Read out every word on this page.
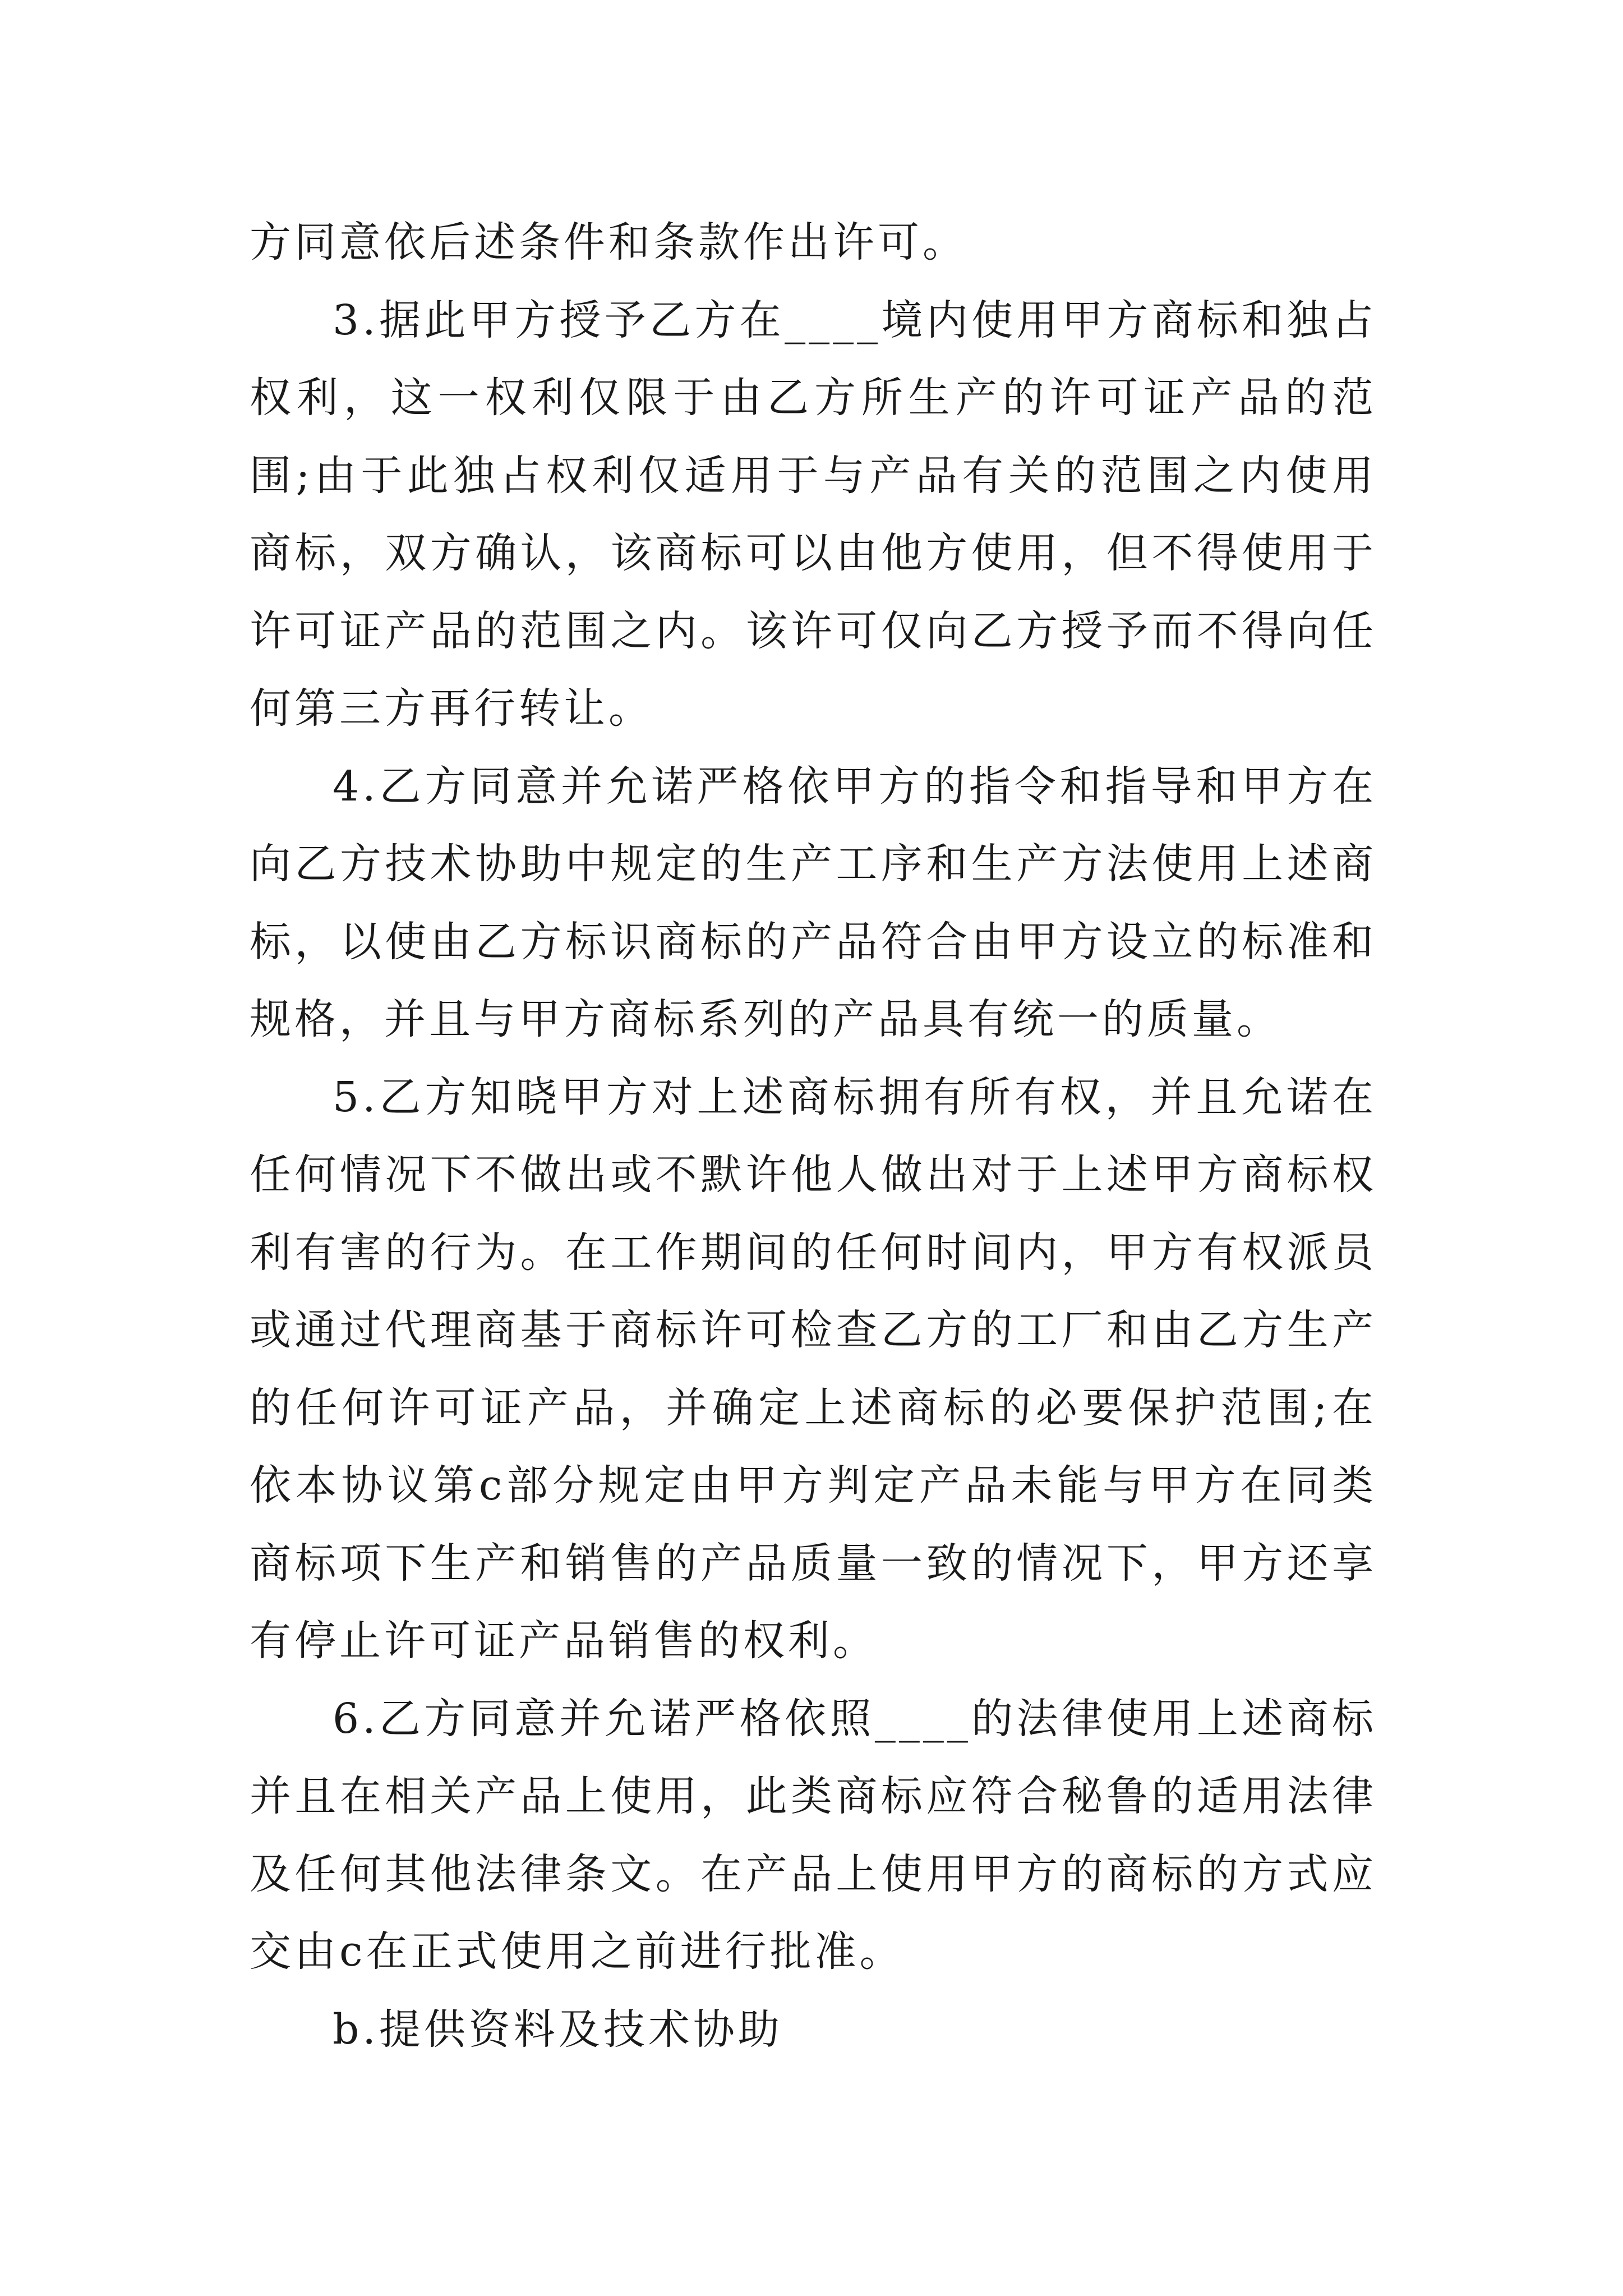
方同意依后述条件和条款作出许可。

3.据此甲方授予乙方在____境内使用甲方商标和独占权利，这一权利仅限于由乙方所生产的许可证产品的范围;由于此独占权利仅适用于与产品有关的范围之内使用商标，双方确认，该商标可以由他方使用，但不得使用于许可证产品的范围之内。该许可仅向乙方授予而不得向任何第三方再行转让。

4.乙方同意并允诺严格依甲方的指令和指导和甲方在向乙方技术协助中规定的生产工序和生产方法使用上述商标，以使由乙方标识商标的产品符合由甲方设立的标准和规格，并且与甲方商标系列的产品具有统一的质量。

5.乙方知晓甲方对上述商标拥有所有权，并且允诺在任何情况下不做出或不默许他人做出对于上述甲方商标权利有害的行为。在工作期间的任何时间内，甲方有权派员或通过代理商基于商标许可检查乙方的工厂和由乙方生产的任何许可证产品，并确定上述商标的必要保护范围;在依本协议第c部分规定由甲方判定产品未能与甲方在同类商标项下生产和销售的产品质量一致的情况下，甲方还享有停止许可证产品销售的权利。

6.乙方同意并允诺严格依照____的法律使用上述商标并且在相关产品上使用，此类商标应符合秘鲁的适用法律及任何其他法律条文。在产品上使用甲方的商标的方式应交由c在正式使用之前进行批准。

b.提供资料及技术协助
